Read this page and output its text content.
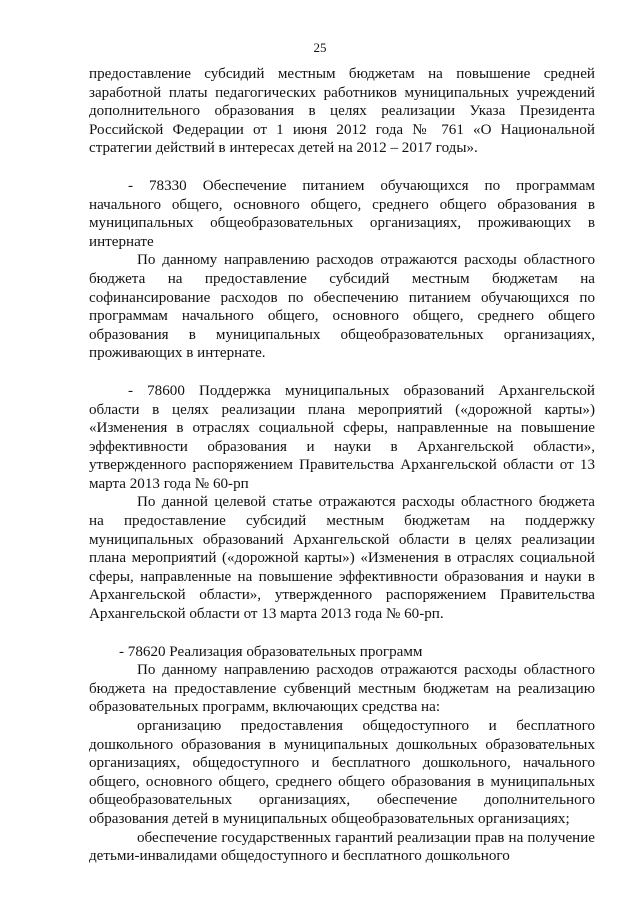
25

предоставление субсидий местным бюджетам на повышение средней заработной платы педагогических работников муниципальных учреждений дополнительного образования в целях реализации Указа Президента Российской Федерации от 1 июня 2012 года № 761 «О Национальной стратегии действий в интересах детей на 2012 – 2017 годы».

- 78330 Обеспечение питанием обучающихся по программам начального общего, основного общего, среднего общего образования в муниципальных общеобразовательных организациях, проживающих в интернате

По данному направлению расходов отражаются расходы областного бюджета на предоставление субсидий местным бюджетам на софинансирование расходов по обеспечению питанием обучающихся по программам начального общего, основного общего, среднего общего образования в муниципальных общеобразовательных организациях, проживающих в интернате.

- 78600 Поддержка муниципальных образований Архангельской области в целях реализации плана мероприятий («дорожной карты») «Изменения в отраслях социальной сферы, направленные на повышение эффективности образования и науки в Архангельской области», утвержденного распоряжением Правительства Архангельской области от 13 марта 2013 года № 60-рп

По данной целевой статье отражаются расходы областного бюджета на предоставление субсидий местным бюджетам на поддержку муниципальных образований Архангельской области в целях реализации плана мероприятий («дорожной карты») «Изменения в отраслях социальной сферы, направленные на повышение эффективности образования и науки в Архангельской области», утвержденного распоряжением Правительства Архангельской области от 13 марта 2013 года № 60-рп.

- 78620 Реализация образовательных программ

По данному направлению расходов отражаются расходы областного бюджета на предоставление субвенций местным бюджетам на реализацию образовательных программ, включающих средства на:

организацию предоставления общедоступного и бесплатного дошкольного образования в муниципальных дошкольных образовательных организациях, общедоступного и бесплатного дошкольного, начального общего, основного общего, среднего общего образования в муниципальных общеобразовательных организациях, обеспечение дополнительного образования детей в муниципальных общеобразовательных организациях;

обеспечение государственных гарантий реализации прав на получение детьми-инвалидами общедоступного и бесплатного дошкольного
